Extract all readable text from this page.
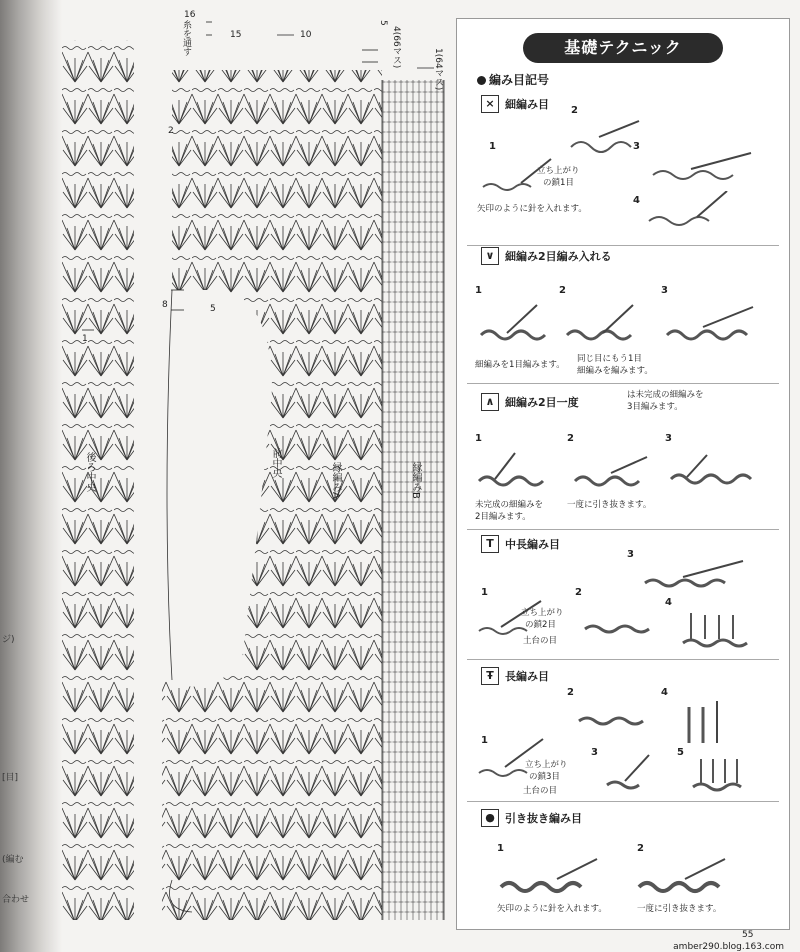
ジ)
(編む
合わせ
[目]
16
15	10
糸を通す	5
4(66マス)
1(64マス)
2
8	5
1
後ろ中央	前中央	縁編みA	縁編みB
基礎テクニック
編み目記号
× 細編み目
1
2
3
4
立ち上がり
の鎖1目
矢印のように針を入れます。
∨ 細編み2目編み入れる
1	2	3
細編みを1目編みます。
同じ目にもう1目
細編みを編みます。
∧ 細編み2目一度
は未完成の細編みを
3目編みます。
1	2	3
未完成の細編みを
2目編みます。
一度に引き抜きます。
T	中長編み目
1	2
3
4
立ち上がり
の鎖2目
土台の目
Ŧ	長編み目
1
2
3
4
5
立ち上がり
の鎖3目
土台の目
● 引き抜き編み目
1	2
矢印のように針を入れます。	一度に引き抜きます。
55
amber290.blog.163.com
